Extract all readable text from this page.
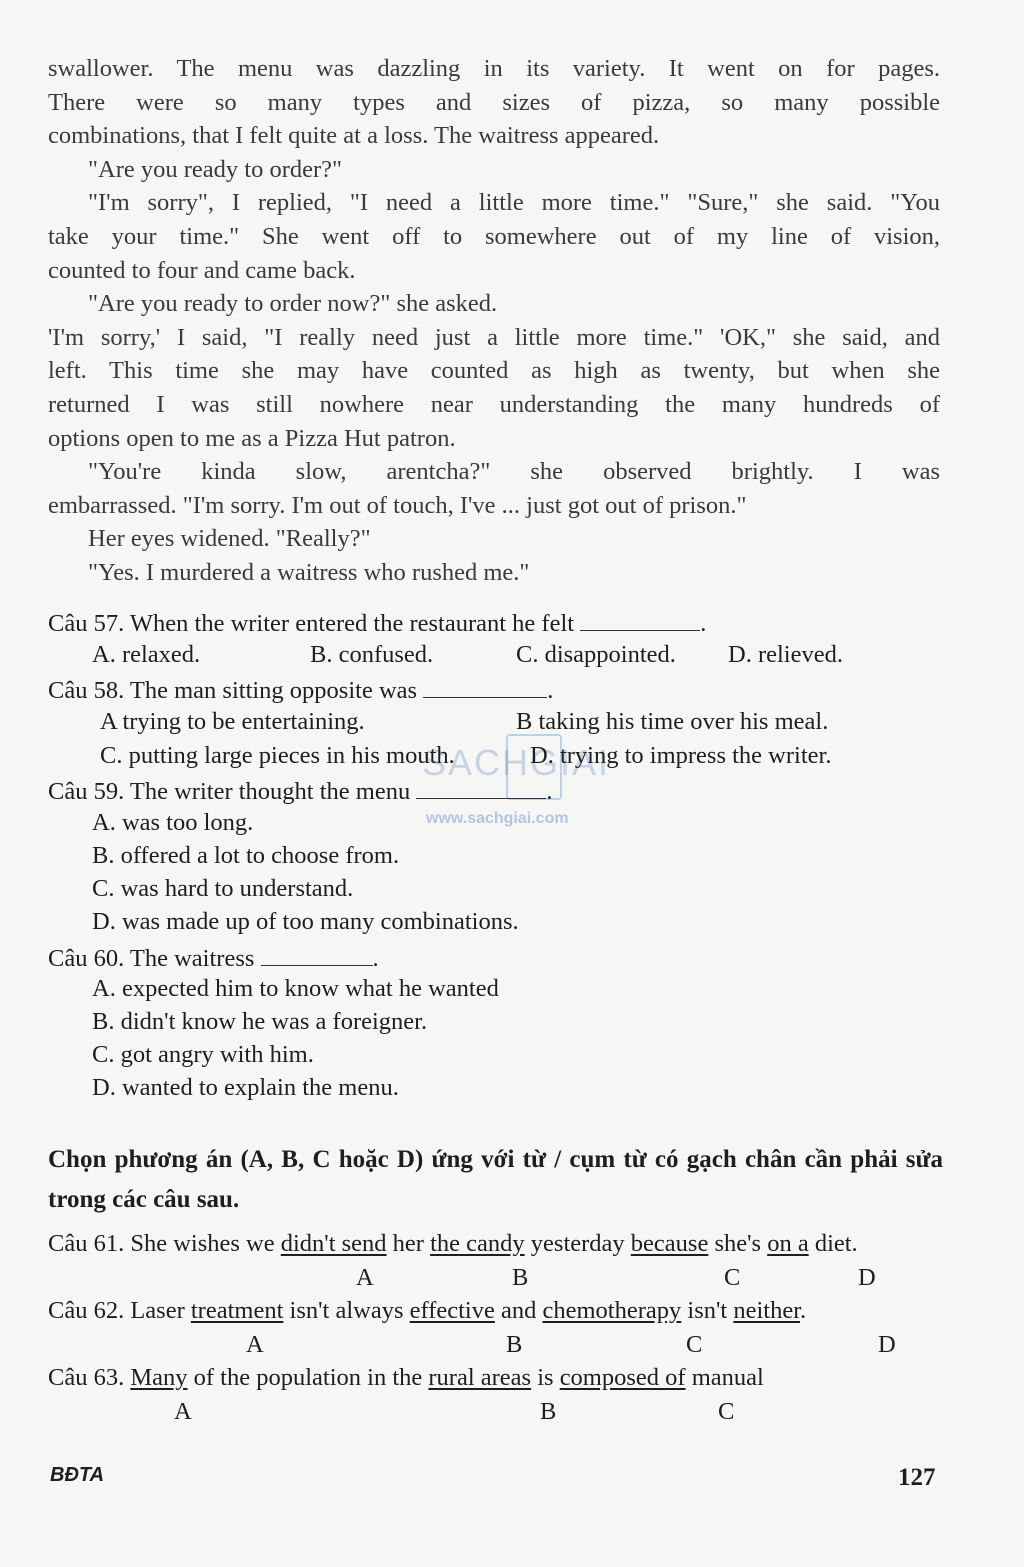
swallower. The menu was dazzling in its variety. It went on for pages.

There were so many types and sizes of pizza, so many possible

combinations, that I felt quite at a loss. The waitress appeared.

"Are you ready to order?"

"I'm sorry", I replied, "I need a little more time." "Sure," she said. "You

take your time." She went off to somewhere out of my line of vision,

counted to four and came back.

"Are you ready to order now?" she asked.

'I'm sorry,' I said, "I really need just a little more time." 'OK," she said, and

left. This time she may have counted as high as twenty, but when she

returned I was still nowhere near understanding the many hundreds of

options open to me as a Pizza Hut patron.

"You're kinda slow, arentcha?" she observed brightly. I was

embarrassed. "I'm sorry. I'm out of touch, I've ... just got out of prison."

Her eyes widened. "Really?"

"Yes. I murdered a waitress who rushed me."

SACHGIAI
www.sachgiai.com
Câu 57. When the writer entered the restaurant he felt	.
A. relaxed.	B. confused.	C. disappointed. D. relieved.
Câu 58. The man sitting opposite was	.
A trying to be entertaining.	B taking his time over his meal.
C. putting large pieces in his mouth.	D. trying to impress the writer.
Câu 59. The writer thought the menu	.
A. was too long.
B. offered a lot to choose from.
C. was hard to understand.
D. was made up of too many combinations.
Câu 60. The waitress	.
A. expected him to know what he wanted
B. didn't know he was a foreigner.
C. got angry with him.
D. wanted to explain the menu.
Chọn phương án (A, B, C hoặc D) ứng với từ / cụm từ có gạch chân cần phải sửa trong các câu sau.
Câu 61. She wishes we didn't send her the candy yesterday because she's on a diet.
A	B	C	D
Câu 62. Laser treatment isn't always effective and chemotherapy isn't neither.
A	B	C	D
Câu 63. Many of the population in the rural areas is composed of manual
A	B	C
BĐTA	127
